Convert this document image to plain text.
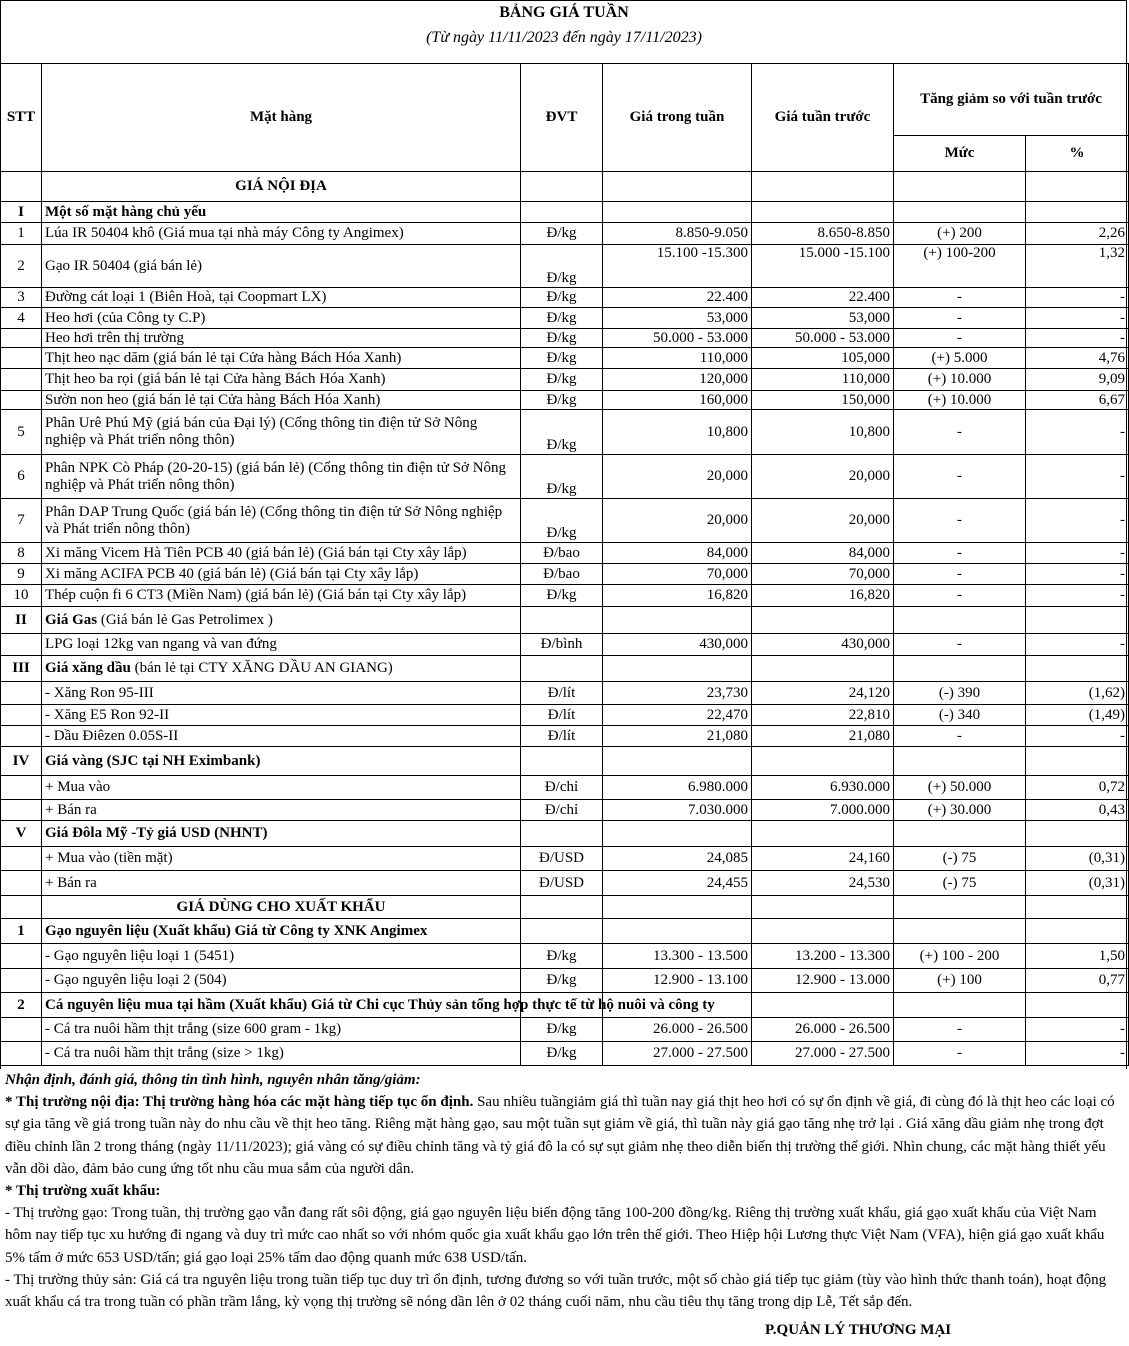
BẢNG GIÁ TUẦN
(Từ ngày 11/11/2023 đến ngày 17/11/2023)
STT	Mặt hàng	ĐVT	Giá trong tuần	Giá tuần trước	Tăng giảm so với tuần trước	
					Mức	%
	GIÁ NỘI ĐỊA					
I	Một số mặt hàng chủ yếu					
1	Lúa IR 50404 khô (Giá mua tại nhà máy Công ty Angimex)	Đ/kg	8.850-9.050	8.650-8.850	(+) 200	2,26
2	Gạo IR 50404 (giá bán lẻ)	Đ/kg	15.100 -15.300	15.000 -15.100	(+) 100-200	1,32
3	Đường cát loại 1 (Biên Hoà, tại Coopmart LX)	Đ/kg	22.400	22.400	-	-
4	Heo hơi (của Công ty C.P)	Đ/kg	53,000	53,000	-	-
	Heo hơi trên thị trường	Đ/kg	50.000 - 53.000	50.000 - 53.000	-	-
	Thịt heo nạc dăm (giá bán lẻ tại Cửa hàng Bách Hóa Xanh)	Đ/kg	110,000	105,000	(+) 5.000	4,76
	Thịt heo ba rọi (giá bán lẻ tại Cửa hàng Bách Hóa Xanh)	Đ/kg	120,000	110,000	(+) 10.000	9,09
	Sườn non heo (giá bán lẻ tại Cửa hàng Bách Hóa Xanh)	Đ/kg	160,000	150,000	(+) 10.000	6,67
5	Phân Urê Phú Mỹ (giá bán của Đại lý) (Cổng thông tin điện tử Sở Nông nghiệp và Phát triển nông thôn)	Đ/kg	10,800	10,800	-	-
6	Phân NPK Cò Pháp (20-20-15) (giá bán lẻ) (Cổng thông tin điện tử Sở Nông nghiệp và Phát triển nông thôn)	Đ/kg	20,000	20,000	-	-
7	Phân DAP Trung Quốc (giá bán lẻ) (Cổng thông tin điện tử Sở Nông nghiệp và Phát triển nông thôn)	Đ/kg	20,000	20,000	-	-
8	Xi măng Vicem Hà Tiên PCB 40 (giá bán lẻ) (Giá bán tại Cty xây lắp)	Đ/bao	84,000	84,000	-	-
9	Xi măng ACIFA PCB 40 (giá bán lẻ) (Giá bán tại Cty xây lắp)	Đ/bao	70,000	70,000	-	-
10	Thép cuộn fi 6 CT3 (Miền Nam) (giá bán lẻ) (Giá bán tại Cty xây lắp)	Đ/kg	16,820	16,820	-	-
II	Giá Gas (Giá bán lẻ Gas Petrolimex )					
	LPG loại 12kg van ngang và van đứng	Đ/bình	430,000	430,000	-	-
III	Giá xăng dầu (bán lẻ tại CTY XĂNG DẦU AN GIANG)					
	- Xăng Ron 95-III	Đ/lít	23,730	24,120	(-) 390	(1,62)
	- Xăng E5 Ron 92-II	Đ/lít	22,470	22,810	(-) 340	(1,49)
	- Dầu Điêzen 0.05S-II	Đ/lít	21,080	21,080	-	-
IV	Giá vàng (SJC tại NH Eximbank)					
	+ Mua vào	Đ/chỉ	6.980.000	6.930.000	(+) 50.000	0,72
	+ Bán ra	Đ/chỉ	7.030.000	7.000.000	(+) 30.000	0,43
V	Giá Đôla Mỹ -Tỷ giá USD (NHNT)					
	+ Mua vào (tiền mặt)	Đ/USD	24,085	24,160	(-) 75	(0,31)
	+ Bán ra	Đ/USD	24,455	24,530	(-) 75	(0,31)
	GIÁ DÙNG CHO XUẤT KHẨU					
1	Gạo nguyên liệu (Xuất khẩu) Giá từ Công ty XNK Angimex					
	- Gạo nguyên liệu loại 1 (5451)	Đ/kg	13.300 - 13.500	13.200 - 13.300	(+) 100 - 200	1,50
	- Gạo nguyên liệu loại 2 (504)	Đ/kg	12.900 - 13.100	12.900 - 13.000	(+) 100	0,77
2	Cá nguyên liệu mua tại hầm (Xuất khẩu) Giá từ Chi cục Thủy sản tổng hợp thực tế từ hộ nuôi và công ty					
	- Cá tra nuôi hầm thịt trắng (size 600 gram - 1kg)	Đ/kg	26.000 - 26.500	26.000 - 26.500	-	-
	- Cá tra nuôi hầm thịt trắng (size > 1kg)	Đ/kg	27.000 - 27.500	27.000 - 27.500	-	-

Nhận định, đánh giá, thông tin tình hình, nguyên nhân tăng/giảm:

* Thị trường nội địa: Thị trường hàng hóa các mặt hàng tiếp tục ổn định. Sau nhiều tuầngiảm giá thì tuần nay giá thịt heo hơi có sự ổn định về giá, đi cùng đó là thịt heo các loại có sự gia tăng về giá trong tuần này do nhu cầu về thịt heo tăng. Riêng mặt hàng gạo, sau một tuần sụt giảm về giá, thì tuần này giá gạo tăng nhẹ trở lại . Giá xăng dầu giảm nhẹ trong đợt điều chỉnh lần 2 trong tháng (ngày 11/11/2023); giá vàng có sự điều chỉnh tăng và tỷ giá đô la có sự sụt giảm nhẹ theo diễn biến thị trường thế giới. Nhìn chung, các mặt hàng thiết yếu vẫn dồi dào, đảm bảo cung ứng tốt nhu cầu mua sắm của người dân.

* Thị trường xuất khẩu:

- Thị trường gạo: Trong tuần, thị trường gạo vẫn đang rất sôi động, giá gạo nguyên liệu biến động tăng 100-200 đồng/kg. Riêng thị trường xuất khẩu, giá gạo xuất khẩu của Việt Nam hôm nay tiếp tục xu hướng đi ngang và duy trì mức cao nhất so với nhóm quốc gia xuất khẩu gạo lớn trên thế giới. Theo Hiệp hội Lương thực Việt Nam (VFA), hiện giá gạo xuất khẩu 5% tấm ở mức 653 USD/tấn; giá gạo loại 25% tấm dao động quanh mức 638 USD/tấn.

- Thị trường thủy sản: Giá cá tra nguyên liệu trong tuần tiếp tục duy trì ổn định, tương đương so với tuần trước, một số chào giá tiếp tục giảm (tùy vào hình thức thanh toán), hoạt động xuất khẩu cá tra trong tuần có phần trầm lắng, kỳ vọng thị trường sẽ nóng dần lên ở 02 tháng cuối năm, nhu cầu tiêu thụ tăng trong dịp Lễ, Tết sắp đến.

P.QUẢN LÝ THƯƠNG MẠI
